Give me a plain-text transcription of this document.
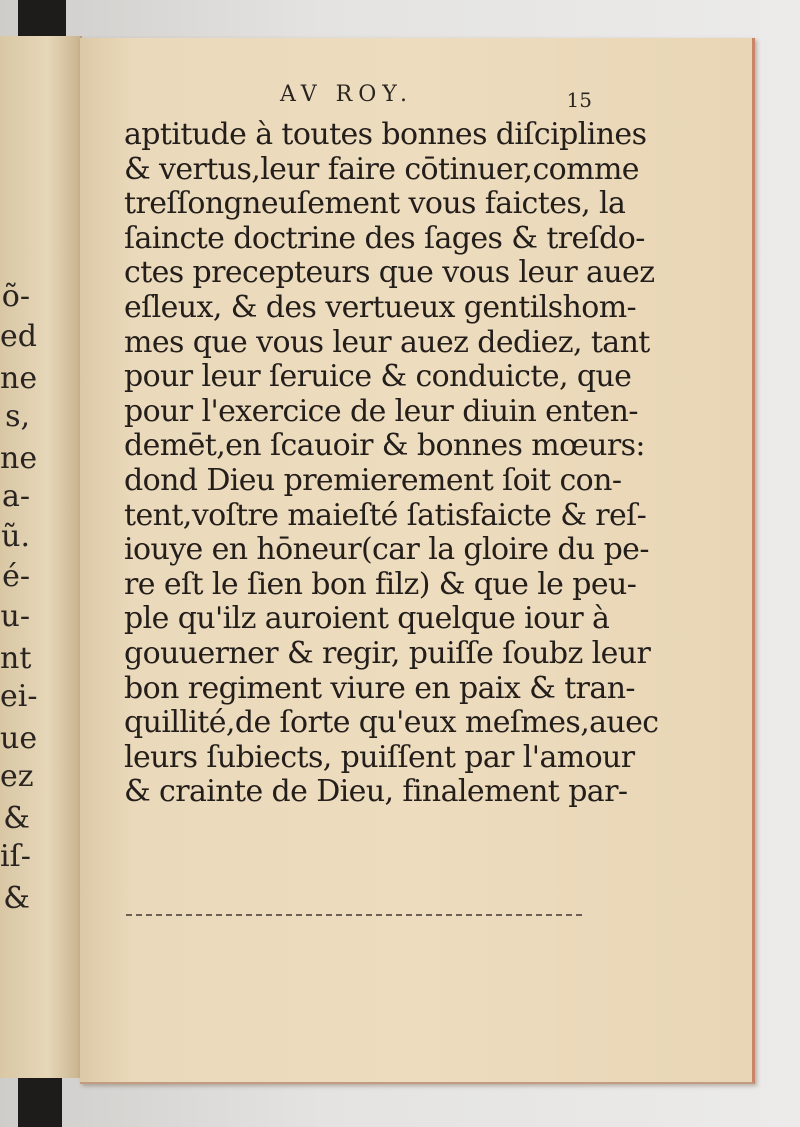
õ-
ed
ne
s,
ne
a-
ũ.
é-
u-
nt
ei-
ue
ez
&
iſ-
&
AV ROY.	15
aptitude à toutes bonnes diſciplines
& vertus,leur faire cōtinuer,comme
treſſongneuſement vous faictes, la
ſaincte doctrine des ſages & treſdo-
ctes precepteurs que vous leur auez
eſleux, & des vertueux gentilshom-
mes que vous leur auez dediez, tant
pour leur ſeruice & conduicte, que
pour l'exercice de leur diuin enten-
demēt,en ſcauoir & bonnes mœurs:
dond Dieu premierement ſoit con-
tent,voſtre maieſté ſatisfaicte & reſ-
iouye en hōneur(car la gloire du pe-
re eſt le ſien bon filz) & que le peu-
ple qu'ilz auroient quelque iour à
gouuerner & regir, puiſſe ſoubz leur
bon regiment viure en paix & tran-
quillité,de ſorte qu'eux meſmes,auec
leurs ſubiects, puiſſent par l'amour
& crainte de Dieu, finalement par-
